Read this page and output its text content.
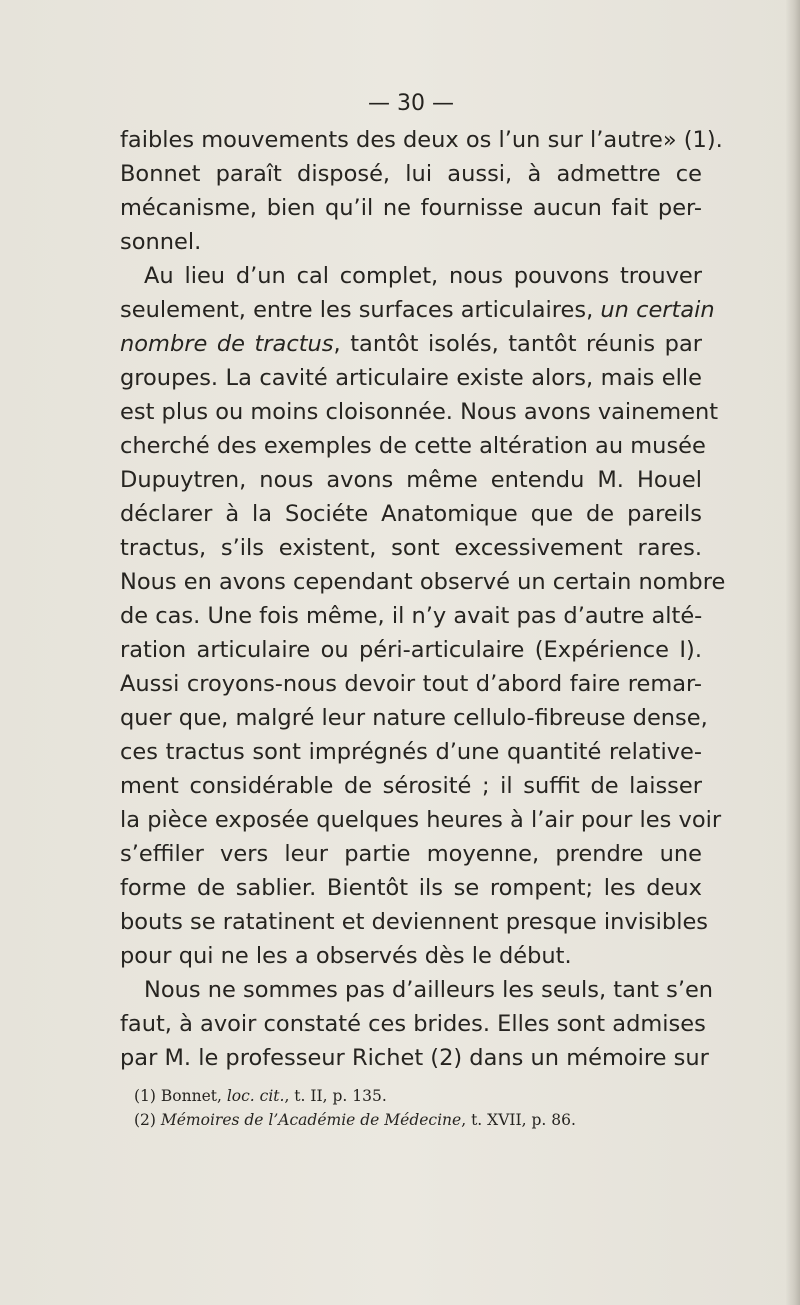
— 30 —
faibles mouvements des deux os l’un sur l’autre» (1).
Bonnet paraît disposé, lui aussi, à admettre ce
mécanisme, bien qu’il ne fournisse aucun fait per-
sonnel.
Au lieu d’un cal complet, nous pouvons trouver
seulement, entre les surfaces articulaires, un certain
nombre de tractus, tantôt isolés, tantôt réunis par
groupes. La cavité articulaire existe alors, mais elle
est plus ou moins cloisonnée. Nous avons vainement
cherché des exemples de cette altération au musée
Dupuytren, nous avons même entendu M. Houel
déclarer à la Sociéte Anatomique que de pareils
tractus, s’ils existent, sont excessivement rares.
Nous en avons cependant observé un certain nombre
de cas. Une fois même, il n’y avait pas d’autre alté-
ration articulaire ou péri-articulaire (Expérience I).
Aussi croyons-nous devoir tout d’abord faire remar-
quer que, malgré leur nature cellulo-fibreuse dense,
ces tractus sont imprégnés d’une quantité relative-
ment considérable de sérosité ; il suffit de laisser
la pièce exposée quelques heures à l’air pour les voir
s’effiler vers leur partie moyenne, prendre une
forme de sablier. Bientôt ils se rompent; les deux
bouts se ratatinent et deviennent presque invisibles
pour qui ne les a observés dès le début.
Nous ne sommes pas d’ailleurs les seuls, tant s’en
faut, à avoir constaté ces brides. Elles sont admises
par M. le professeur Richet (2) dans un mémoire sur
(1) Bonnet, loc. cit., t. II, p. 135.
(2) Mémoires de l’Académie de Médecine, t. XVII, p. 86.
